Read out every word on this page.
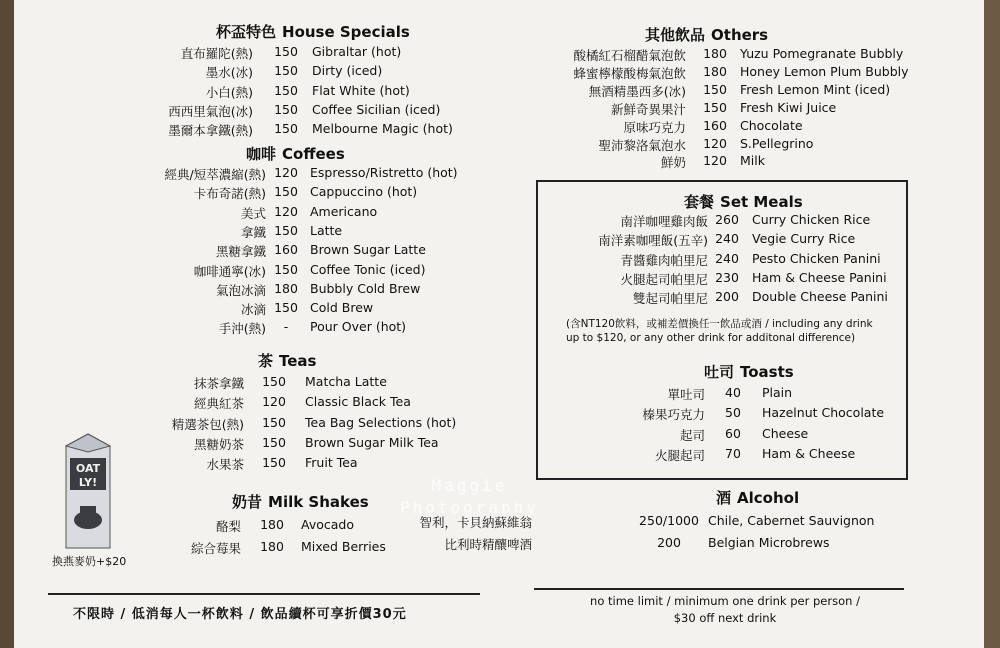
杯盃特色 House Specials
直布羅陀(熱)	150	Gibraltar (hot)
墨水(冰)	150	Dirty (iced)
小白(熱)	150	Flat White (hot)
西西里氣泡(冰)	150	Coffee Sicilian (iced)
墨爾本拿鐵(熱)	150	Melbourne Magic (hot)
咖啡 Coffees
經典/短萃濃縮(熱) 120 Espresso/Ristretto (hot)
卡布奇諾(熱) 150 Cappuccino (hot)
美式 120 Americano
拿鐵 150 Latte
黑糖拿鐵 160 Brown Sugar Latte
咖啡通寧(冰) 150 Coffee Tonic (iced)
氣泡冰滴 180 Bubbly Cold Brew
冰滴 150 Cold Brew
手沖(熱)	-	Pour Over (hot)
茶 Teas
抹茶拿鐵	150	Matcha Latte
經典紅茶	120	Classic Black Tea
精選茶包(熱)	150	Tea Bag Selections (hot)
黑糖奶茶	150	Brown Sugar Milk Tea
水果茶	150	Fruit Tea
奶昔 Milk Shakes
酪梨	180	Avocado
綜合莓果	180	Mixed Berries
OAT
LY!
換燕麥奶+$20
其他飲品 Others
酸橘紅石榴醋氣泡飲 180 Yuzu Pomegranate Bubbly
蜂蜜檸檬酸梅氣泡飲 180 Honey Lemon Plum Bubbly
無酒精墨西多(冰) 150 Fresh Lemon Mint (iced)
新鮮奇異果汁 150 Fresh Kiwi Juice
原味巧克力 160 Chocolate
聖沛黎洛氣泡水 120 S.Pellegrino
鮮奶 120 Milk
套餐 Set Meals
南洋咖哩雞肉飯 260 Curry Chicken Rice
南洋素咖哩飯(五辛) 240 Vegie Curry Rice
青醬雞肉帕里尼 240 Pesto Chicken Panini
火腿起司帕里尼 230 Ham & Cheese Panini
雙起司帕里尼 200 Double Cheese Panini
(含NT120飲料，或補差價換任一飲品或酒 / including any drink
up to $120, or any other drink for additonal difference)
吐司 Toasts
單吐司 40 Plain
榛果巧克力 50 Hazelnut Chocolate
起司 60 Cheese
火腿起司 70 Ham & Cheese
酒 Alcohol
智利，卡貝納蘇維翁	250/1000 Chile, Cabernet Sauvignon
比利時精釀啤酒	200	Belgian Microbrews
不限時 / 低消每人一杯飲料 / 飲品續杯可享折價30元
no time limit / minimum one drink per person /
$30 off next drink
Maggie
Photography
